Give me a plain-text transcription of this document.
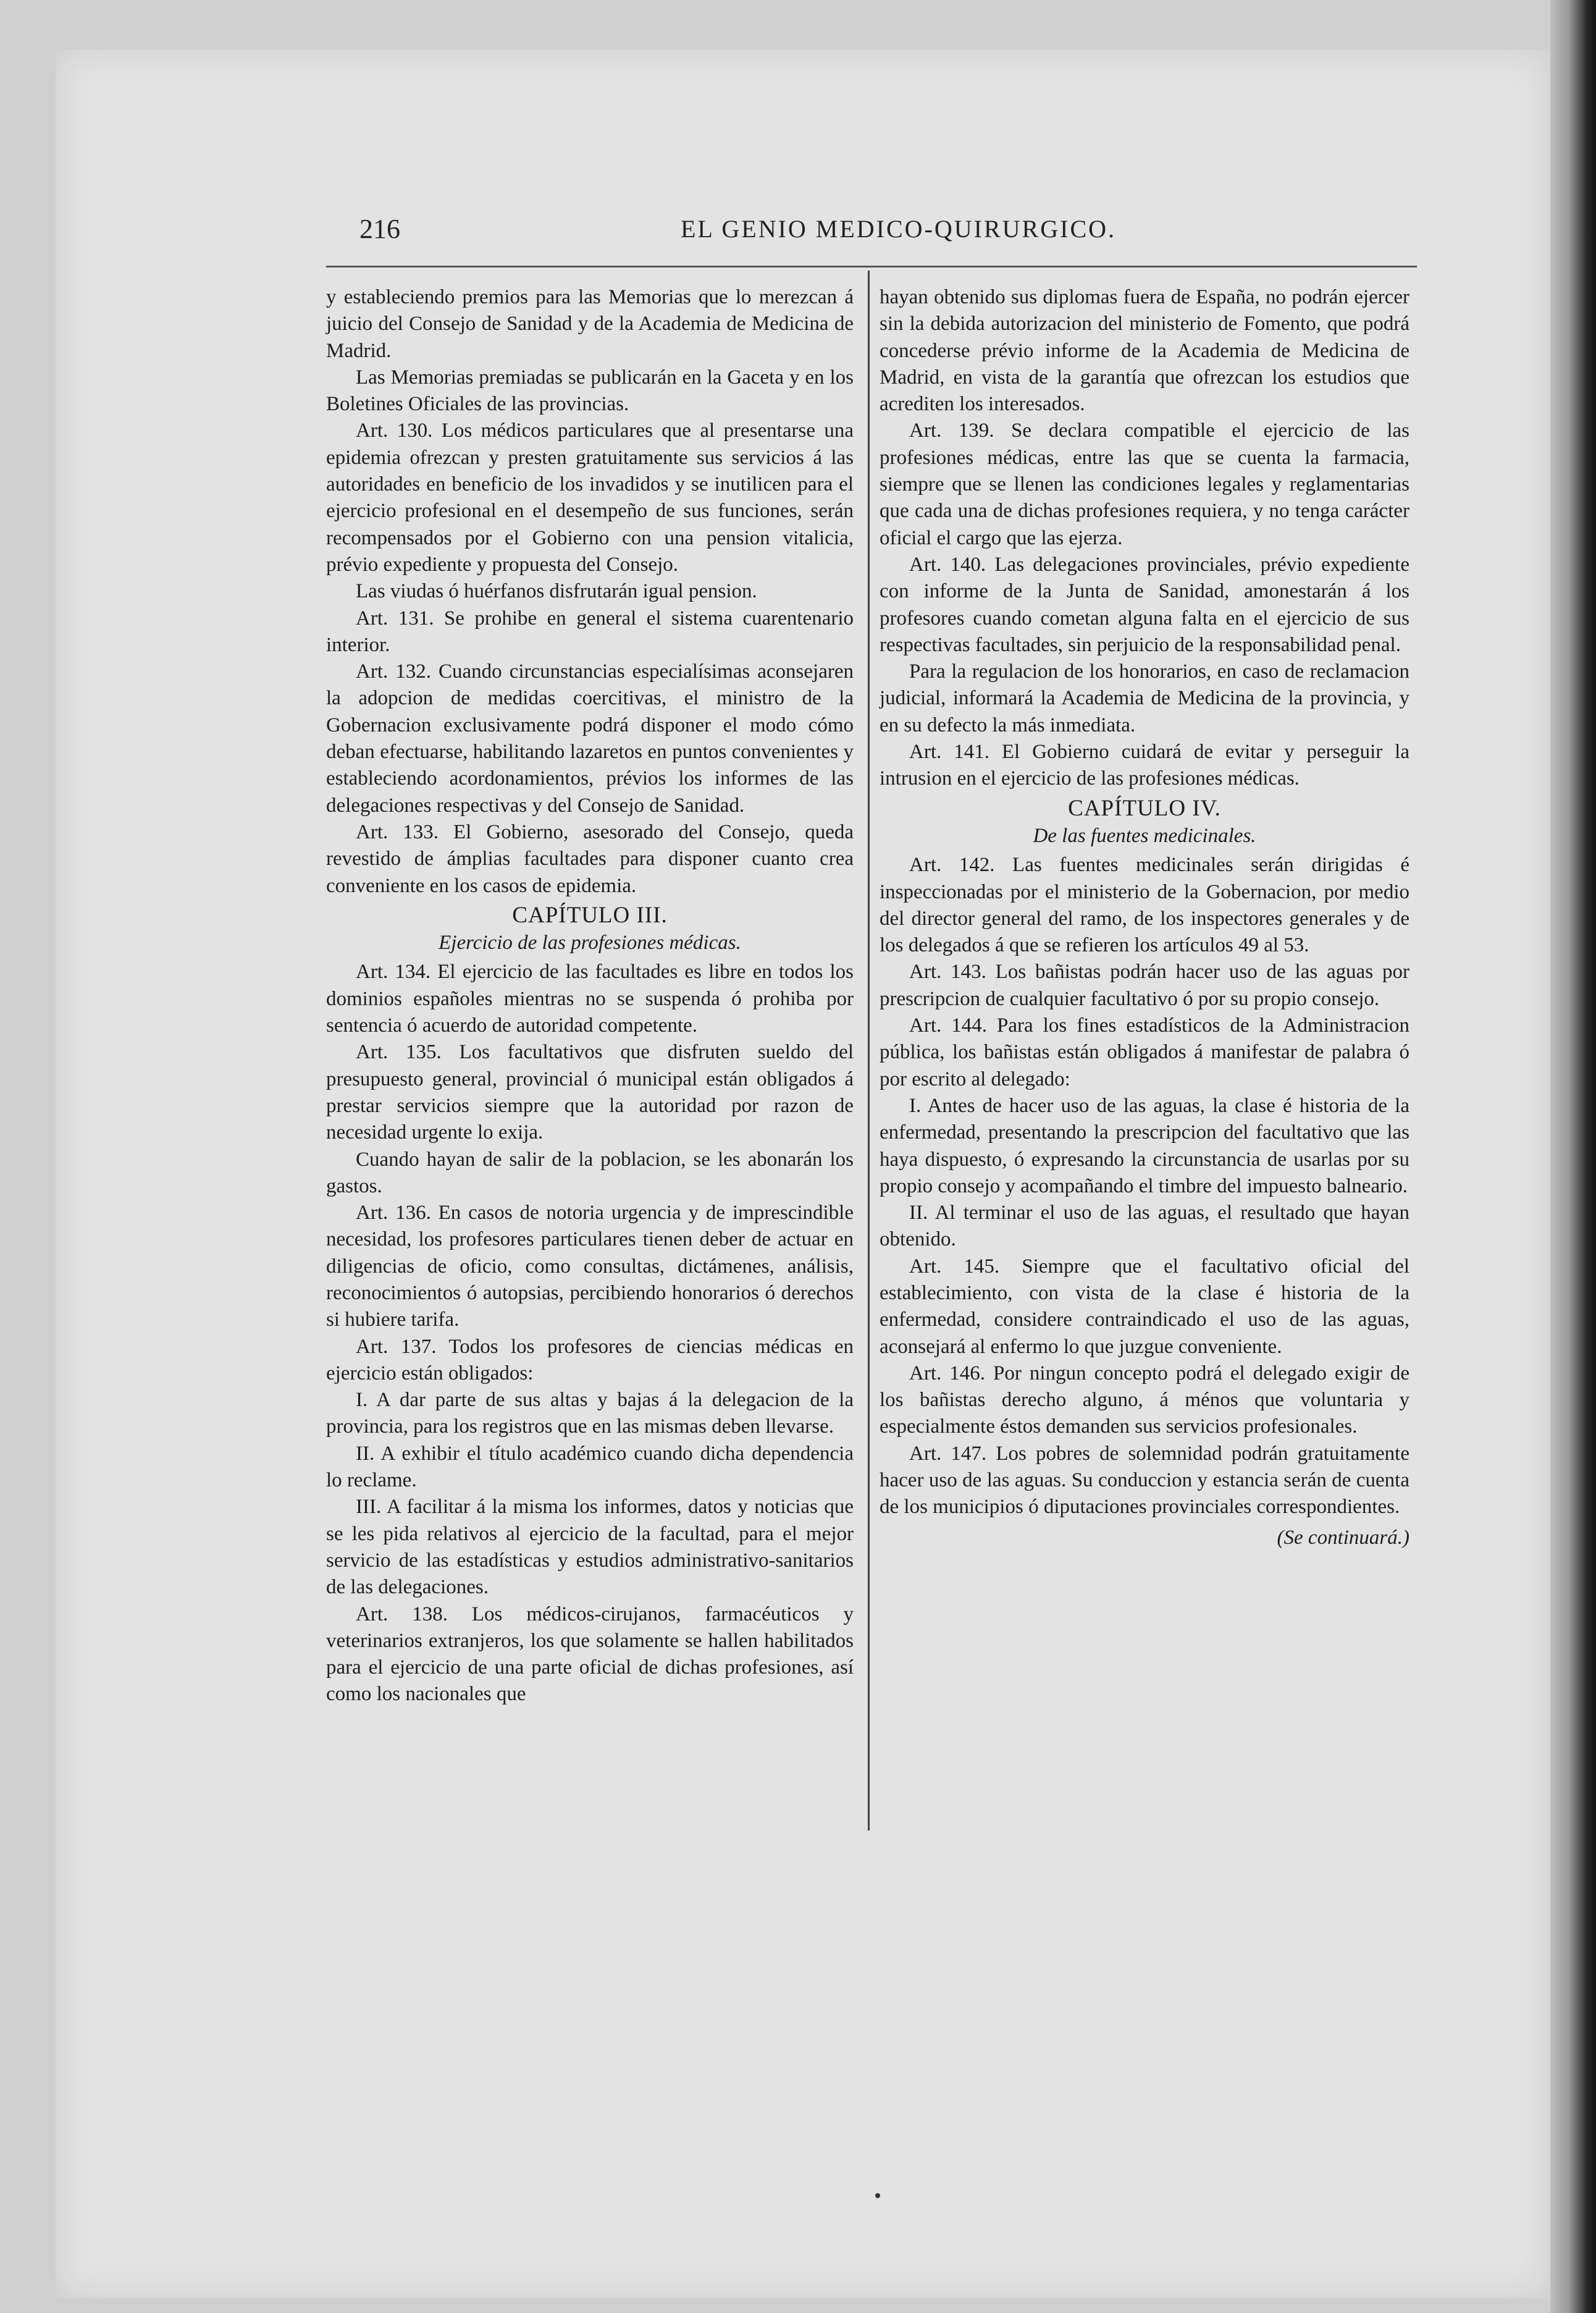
216	EL GENIO MEDICO-QUIRURGICO.

y estableciendo premios para las Memorias que lo merezcan á juicio del Consejo de Sanidad y de la Academia de Medicina de Madrid.

Las Memorias premiadas se publicarán en la Gaceta y en los Boletines Oficiales de las provincias.

Art. 130. Los médicos particulares que al presentarse una epidemia ofrezcan y presten gratuitamente sus servicios á las autoridades en beneficio de los invadidos y se inutilicen para el ejercicio profesional en el desempeño de sus funciones, serán recompensados por el Gobierno con una pension vitalicia, prévio expediente y propuesta del Consejo.

Las viudas ó huérfanos disfrutarán igual pension.

Art. 131. Se prohibe en general el sistema cuarentenario interior.

Art. 132. Cuando circunstancias especialísimas aconsejaren la adopcion de medidas coercitivas, el ministro de la Gobernacion exclusivamente podrá disponer el modo cómo deban efectuarse, habilitando lazaretos en puntos convenientes y estableciendo acordonamientos, prévios los informes de las delegaciones respectivas y del Consejo de Sanidad.

Art. 133. El Gobierno, asesorado del Consejo, queda revestido de ámplias facultades para disponer cuanto crea conveniente en los casos de epidemia.

CAPÍTULO III.

Ejercicio de las profesiones médicas.

Art. 134. El ejercicio de las facultades es libre en todos los dominios españoles mientras no se suspenda ó prohiba por sentencia ó acuerdo de autoridad competente.

Art. 135. Los facultativos que disfruten sueldo del presupuesto general, provincial ó municipal están obligados á prestar servicios siempre que la autoridad por razon de necesidad urgente lo exija.

Cuando hayan de salir de la poblacion, se les abonarán los gastos.

Art. 136. En casos de notoria urgencia y de imprescindible necesidad, los profesores particulares tienen deber de actuar en diligencias de oficio, como consultas, dictámenes, análisis, reconocimientos ó autopsias, percibiendo honorarios ó derechos si hubiere tarifa.

Art. 137. Todos los profesores de ciencias médicas en ejercicio están obligados:

I. A dar parte de sus altas y bajas á la delegacion de la provincia, para los registros que en las mismas deben llevarse.

II. A exhibir el título académico cuando dicha dependencia lo reclame.

III. A facilitar á la misma los informes, datos y noticias que se les pida relativos al ejercicio de la facultad, para el mejor servicio de las estadísticas y estudios administrativo-sanitarios de las delegaciones.

Art. 138. Los médicos-cirujanos, farmacéuticos y veterinarios extranjeros, los que solamente se hallen habilitados para el ejercicio de una parte oficial de dichas profesiones, así como los nacionales que

hayan obtenido sus diplomas fuera de España, no podrán ejercer sin la debida autorizacion del ministerio de Fomento, que podrá concederse prévio informe de la Academia de Medicina de Madrid, en vista de la garantía que ofrezcan los estudios que acrediten los interesados.

Art. 139. Se declara compatible el ejercicio de las profesiones médicas, entre las que se cuenta la farmacia, siempre que se llenen las condiciones legales y reglamentarias que cada una de dichas profesiones requiera, y no tenga carácter oficial el cargo que las ejerza.

Art. 140. Las delegaciones provinciales, prévio expediente con informe de la Junta de Sanidad, amonestarán á los profesores cuando cometan alguna falta en el ejercicio de sus respectivas facultades, sin perjuicio de la responsabilidad penal.

Para la regulacion de los honorarios, en caso de reclamacion judicial, informará la Academia de Medicina de la provincia, y en su defecto la más inmediata.

Art. 141. El Gobierno cuidará de evitar y perseguir la intrusion en el ejercicio de las profesiones médicas.

CAPÍTULO IV.

De las fuentes medicinales.

Art. 142. Las fuentes medicinales serán dirigidas é inspeccionadas por el ministerio de la Gobernacion, por medio del director general del ramo, de los inspectores generales y de los delegados á que se refieren los artículos 49 al 53.

Art. 143. Los bañistas podrán hacer uso de las aguas por prescripcion de cualquier facultativo ó por su propio consejo.

Art. 144. Para los fines estadísticos de la Administracion pública, los bañistas están obligados á manifestar de palabra ó por escrito al delegado:

I. Antes de hacer uso de las aguas, la clase é historia de la enfermedad, presentando la prescripcion del facultativo que las haya dispuesto, ó expresando la circunstancia de usarlas por su propio consejo y acompañando el timbre del impuesto balneario.

II. Al terminar el uso de las aguas, el resultado que hayan obtenido.

Art. 145. Siempre que el facultativo oficial del establecimiento, con vista de la clase é historia de la enfermedad, considere contraindicado el uso de las aguas, aconsejará al enfermo lo que juzgue conveniente.

Art. 146. Por ningun concepto podrá el delegado exigir de los bañistas derecho alguno, á ménos que voluntaria y especialmente éstos demanden sus servicios profesionales.

Art. 147. Los pobres de solemnidad podrán gratuitamente hacer uso de las aguas. Su conduccion y estancia serán de cuenta de los municipios ó diputaciones provinciales correspondientes.

(Se continuará.)
